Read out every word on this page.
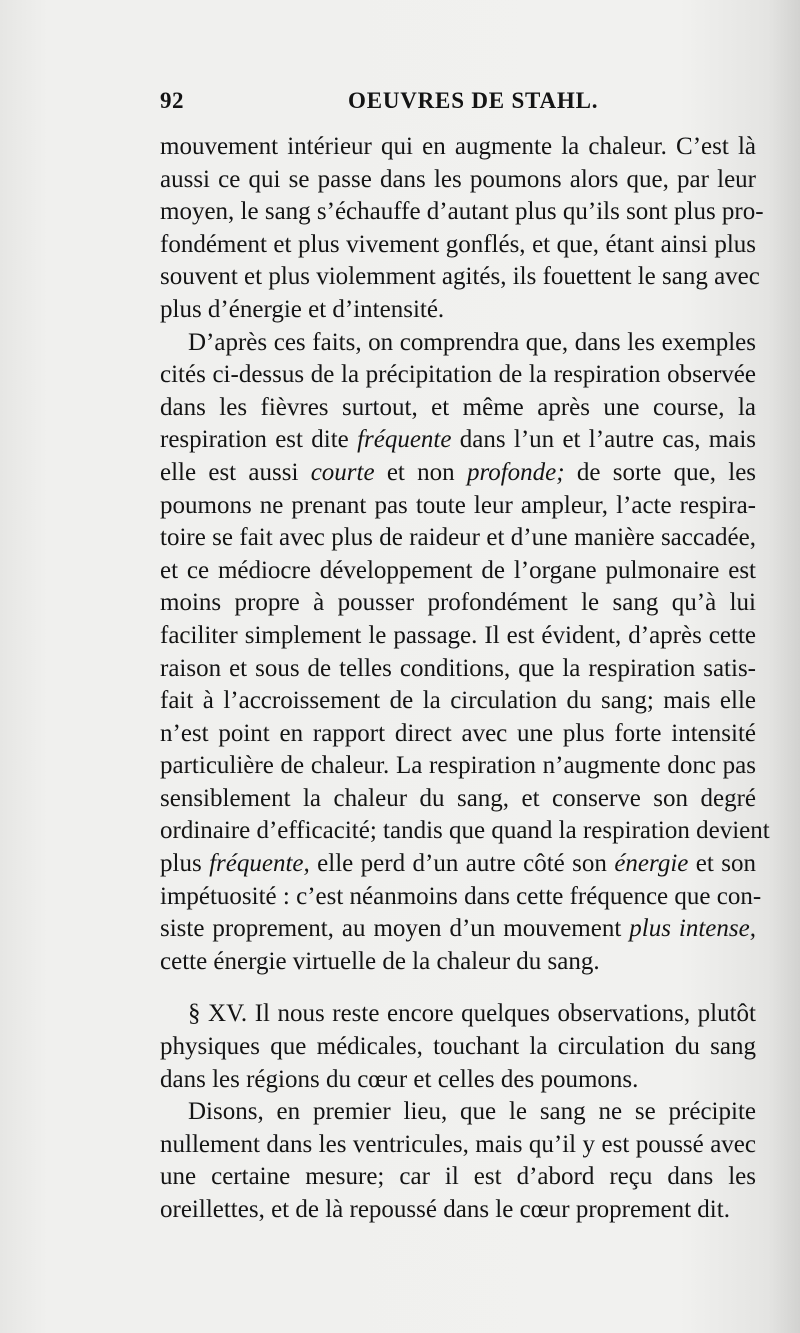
92	OEUVRES DE STAHL.
mouvement intérieur qui en augmente la chaleur. C’est là
aussi ce qui se passe dans les poumons alors que, par leur
moyen, le sang s’échauffe d’autant plus qu’ils sont plus pro-
fondément et plus vivement gonflés, et que, étant ainsi plus
souvent et plus violemment agités, ils fouettent le sang avec
plus d’énergie et d’intensité.
D’après ces faits, on comprendra que, dans les exemples
cités ci-dessus de la précipitation de la respiration observée
dans les fièvres surtout, et même après une course, la
respiration est dite fréquente dans l’un et l’autre cas, mais
elle est aussi courte et non profonde; de sorte que, les
poumons ne prenant pas toute leur ampleur, l’acte respira-
toire se fait avec plus de raideur et d’une manière saccadée,
et ce médiocre développement de l’organe pulmonaire est
moins propre à pousser profondément le sang qu’à lui
faciliter simplement le passage. Il est évident, d’après cette
raison et sous de telles conditions, que la respiration satis-
fait à l’accroissement de la circulation du sang; mais elle
n’est point en rapport direct avec une plus forte intensité
particulière de chaleur. La respiration n’augmente donc pas
sensiblement la chaleur du sang, et conserve son degré
ordinaire d’efficacité; tandis que quand la respiration devient
plus fréquente, elle perd d’un autre côté son énergie et son
impétuosité : c’est néanmoins dans cette fréquence que con-
siste proprement, au moyen d’un mouvement plus intense,
cette énergie virtuelle de la chaleur du sang.
§ XV. Il nous reste encore quelques observations, plutôt
physiques que médicales, touchant la circulation du sang
dans les régions du cœur et celles des poumons.
Disons, en premier lieu, que le sang ne se précipite
nullement dans les ventricules, mais qu’il y est poussé avec
une certaine mesure; car il est d’abord reçu dans les
oreillettes, et de là repoussé dans le cœur proprement dit.
